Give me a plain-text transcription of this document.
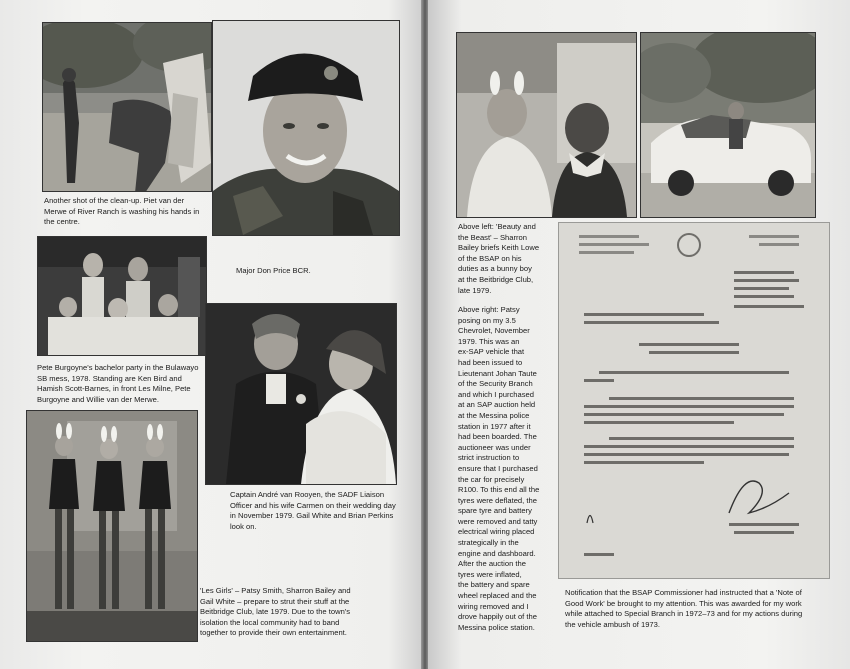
Another shot of the clean-up. Piet van der
Merwe of River Ranch is washing his hands in
the centre.
Major Don Price BCR.
Pete Burgoyne's bachelor party in the Bulawayo
SB mess, 1978. Standing are Ken Bird and
Hamish Scott-Barnes, in front Les Milne, Pete
Burgoyne and Willie van der Merwe.
Captain André van Rooyen, the SADF Liaison
Officer and his wife Carmen on their wedding day
in November 1979. Gail White and Brian Perkins
look on.
'Les Girls' – Patsy Smith, Sharron Bailey and
Gail White – prepare to strut their stuff at the
Beitbridge Club, late 1979. Due to the town's
isolation the local community had to band
together to provide their own entertainment.
Above left: 'Beauty and
the Beast' – Sharron
Bailey briefs Keith Lowe
of the BSAP on his
duties as a bunny boy
at the Beitbridge Club,
late 1979.
Above right: Patsy
posing on my 3.5
Chevrolet, November
1979. This was an
ex-SAP vehicle that
had been issued to
Lieutenant Johan Taute
of the Security Branch
and which I purchased
at an SAP auction held
at the Messina police
station in 1977 after it
had been boarded. The
auctioneer was under
strict instruction to
ensure that I purchased
the car for precisely
R100. To this end all the
tyres were deflated, the
spare tyre and battery
were removed and tatty
electrical wiring placed
strategically in the
engine and dashboard.
After the auction the
tyres were inflated,
the battery and spare
wheel replaced and the
wiring removed and I
drove happily out of the
Messina police station.
Notification that the BSAP Commissioner had instructed that a 'Note of
Good Work' be brought to my attention. This was awarded for my work
while attached to Special Branch in 1972–73 and for my actions during
the vehicle ambush of 1973.
